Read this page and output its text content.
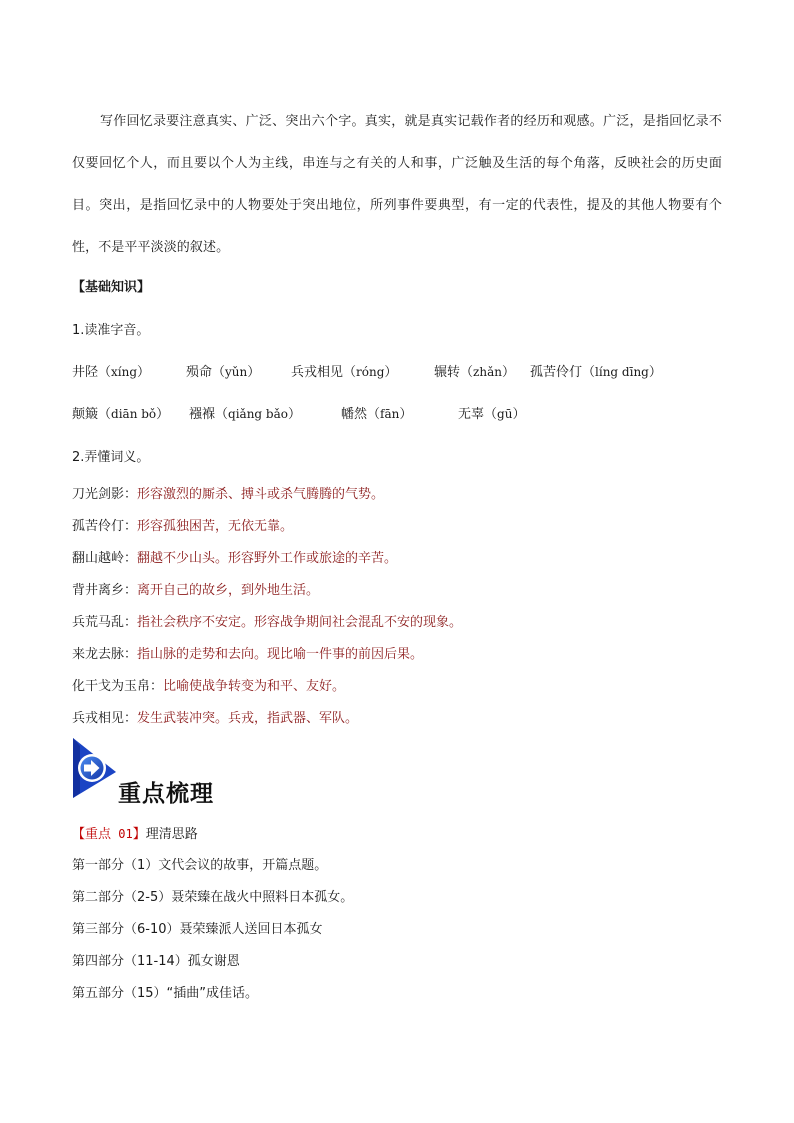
写作回忆录要注意真实、广泛、突出六个字。真实，就是真实记载作者的经历和观感。广泛，是指回忆录不仅要回忆个人，而且要以个人为主线，串连与之有关的人和事，广泛触及生活的每个角落，反映社会的历史面目。突出，是指回忆录中的人物要处于突出地位，所列事件要典型，有一定的代表性，提及的其他人物要有个性，不是平平淡淡的叙述。
【基础知识】
1.读准字音。
井陉（xíng）	殒命（yǔn） 兵戎相见（róng）	辗转（zhǎn） 孤苦伶仃（líng dīng）
颠簸（diān bǒ） 襁褓（qiǎng bǎo）	幡然（fān）	无辜（gū）
2.弄懂词义。
刀光剑影：形容激烈的厮杀、搏斗或杀气腾腾的气势。
孤苦伶仃：形容孤独困苦，无依无靠。
翻山越岭：翻越不少山头。形容野外工作或旅途的辛苦。
背井离乡：离开自己的故乡，到外地生活。
兵荒马乱：指社会秩序不安定。形容战争期间社会混乱不安的现象。
来龙去脉：指山脉的走势和去向。现比喻一件事的前因后果。
化干戈为玉帛：比喻使战争转变为和平、友好。
兵戎相见：发生武装冲突。兵戎，指武器、军队。
重点梳理
【重点 01】理清思路
第一部分（1）文代会议的故事，开篇点题。
第二部分（2-5）聂荣臻在战火中照料日本孤女。
第三部分（6-10）聂荣臻派人送回日本孤女
第四部分（11-14）孤女谢恩
第五部分（15）“插曲”成佳话。
